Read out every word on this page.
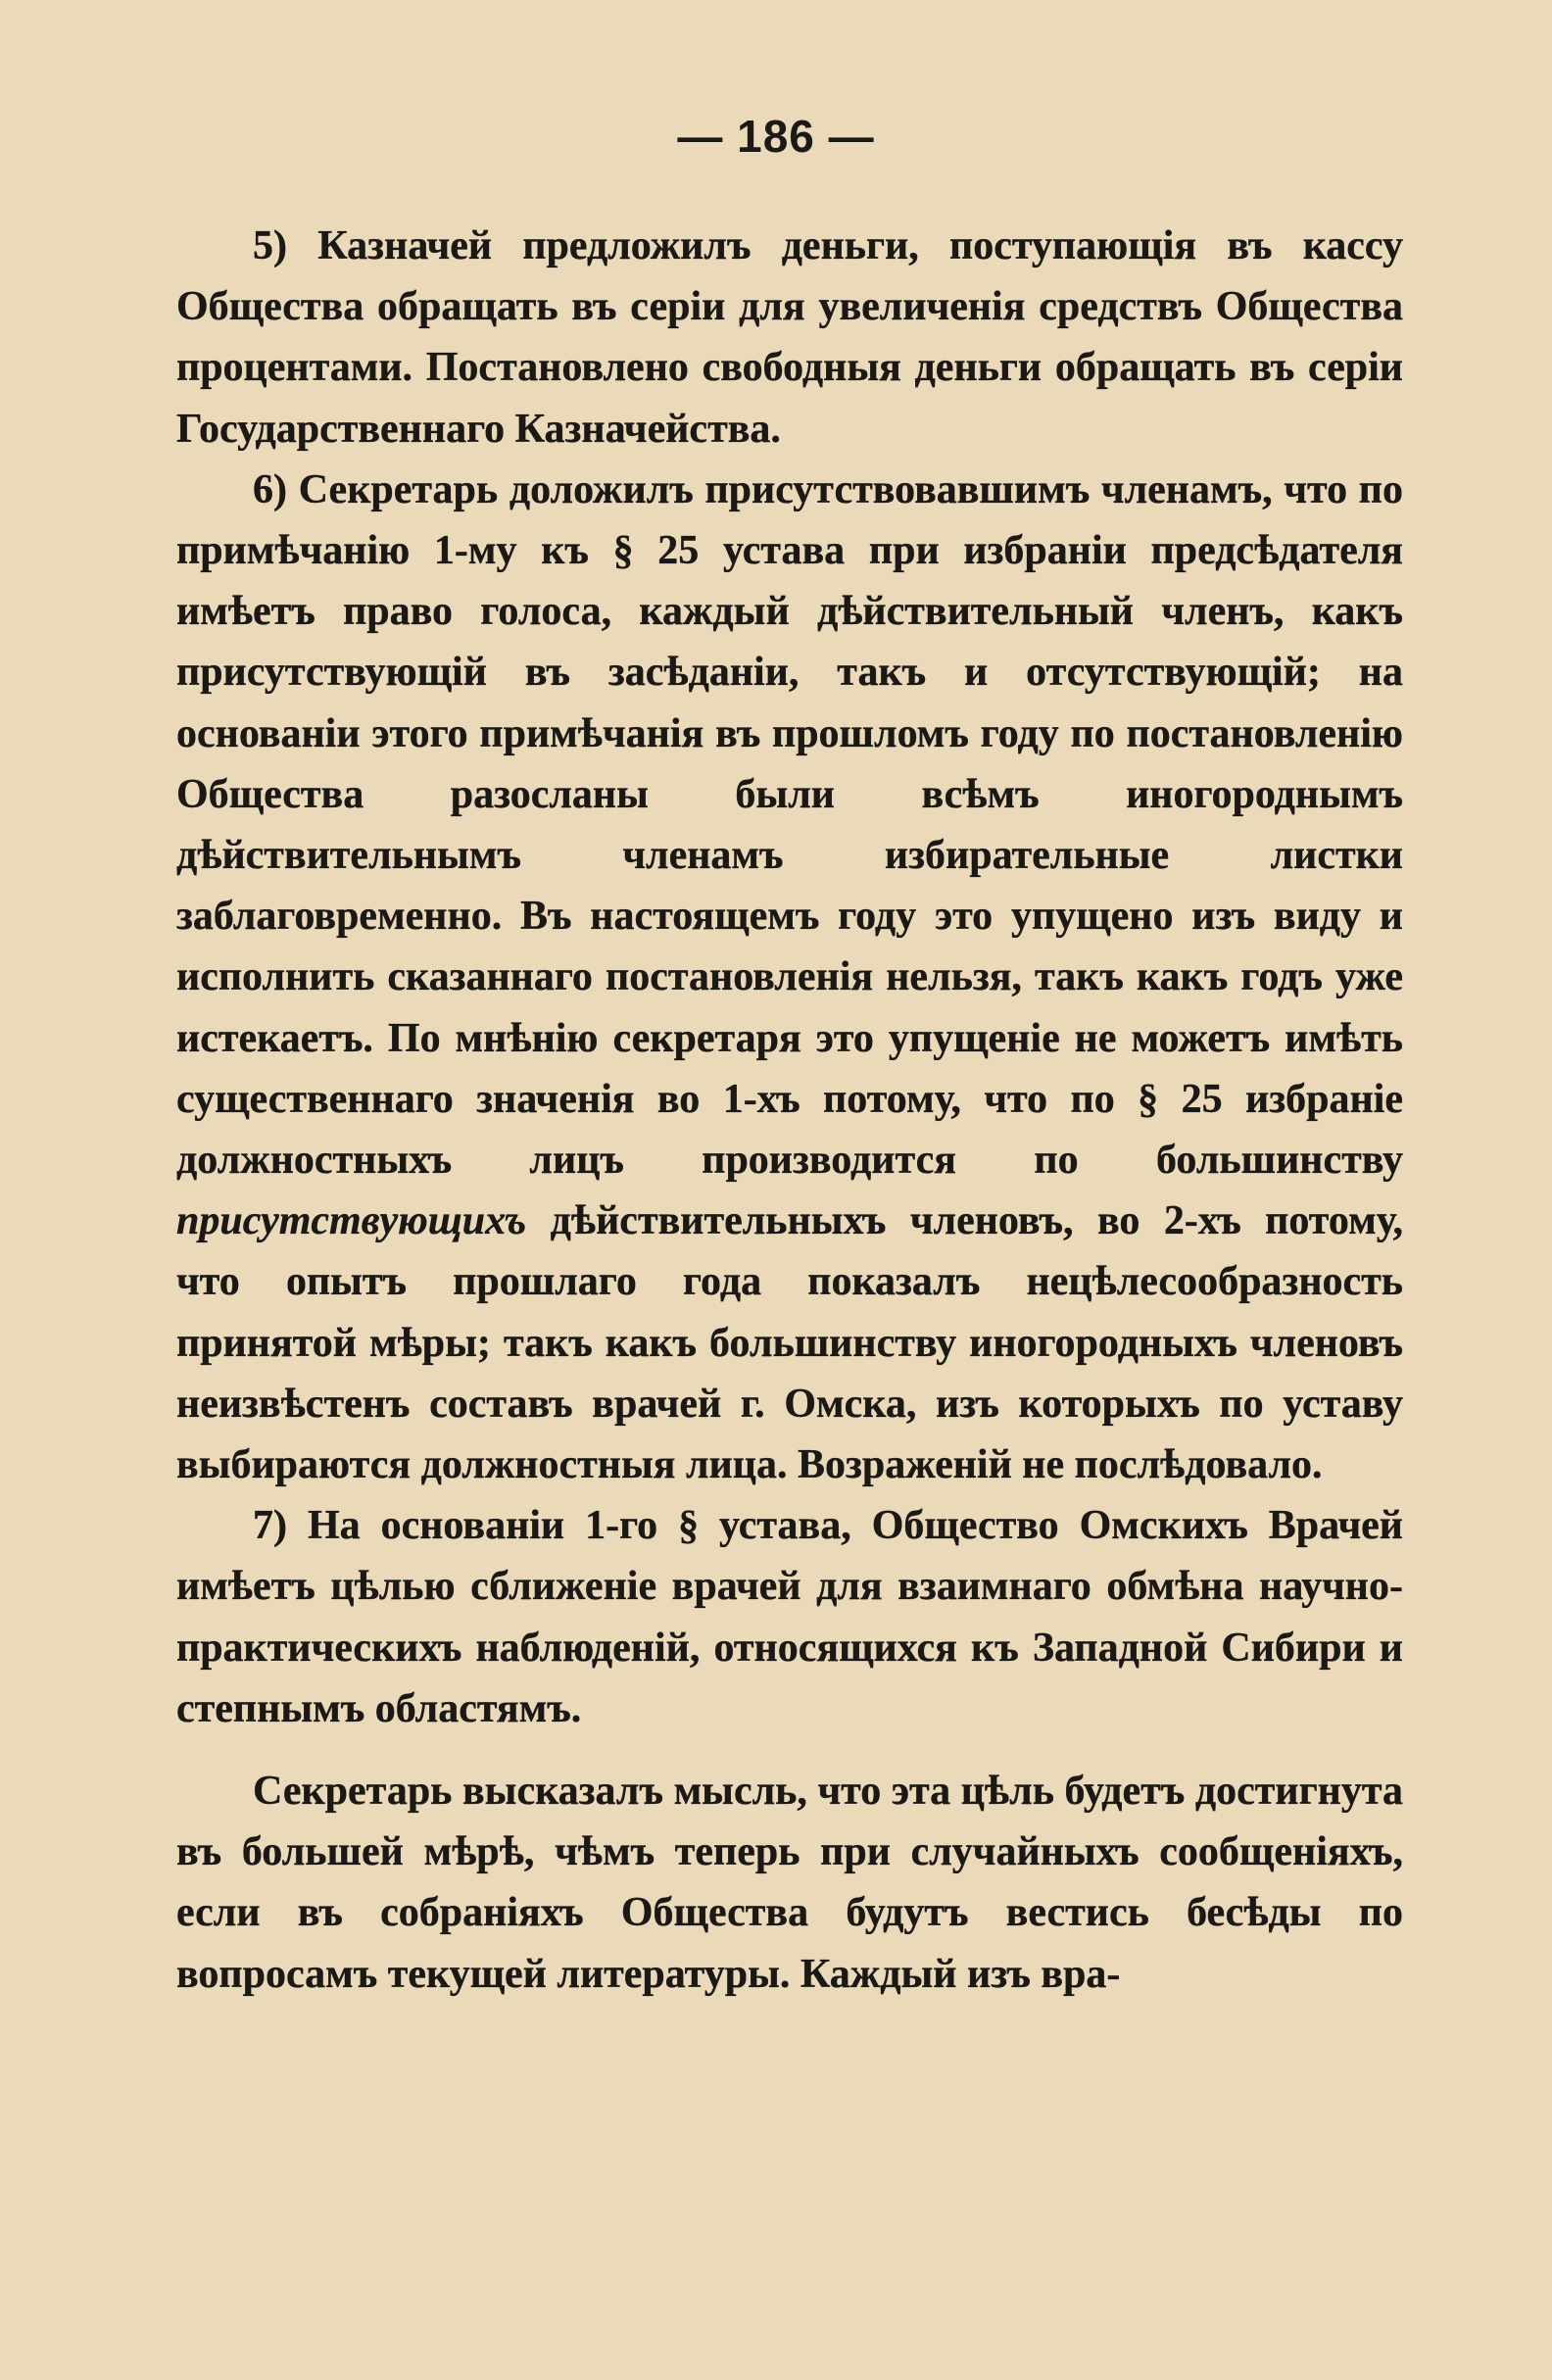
— 186 —

5) Казначей предложилъ деньги, поступающія въ кассу Общества обращать въ серіи для увеличенія средствъ Общества процентами. Постановлено свободныя деньги обращать въ серіи Государственнаго Казначейства.

6) Секретарь доложилъ присутствовавшимъ членамъ, что по примѣчанію 1-му къ § 25 устава при избраніи предсѣдателя имѣетъ право голоса, каждый дѣйствительный членъ, какъ присутствующій въ засѣданіи, такъ и отсутствующій; на основаніи этого примѣчанія въ прошломъ году по постановленію Общества разосланы были всѣмъ иногороднымъ дѣйствительнымъ членамъ избирательные листки заблаговременно. Въ настоящемъ году это упущено изъ виду и исполнить сказаннаго постановленія нельзя, такъ какъ годъ уже истекаетъ. По мнѣнію секретаря это упущеніе не можетъ имѣть существеннаго значенія во 1-хъ потому, что по § 25 избраніе должностныхъ лицъ производится по большинству присутствующихъ дѣйствительныхъ членовъ, во 2-хъ потому, что опытъ прошлаго года показалъ нецѣлесообразность принятой мѣры; такъ какъ большинству иногородныхъ членовъ неизвѣстенъ составъ врачей г. Омска, изъ которыхъ по уставу выбираются должностныя лица. Возраженій не послѣдовало.

7) На основаніи 1-го § устава, Общество Омскихъ Врачей имѣетъ цѣлью сближеніе врачей для взаимнаго обмѣна научно-практическихъ наблюденій, относящихся къ Западной Сибири и степнымъ областямъ.

Секретарь высказалъ мысль, что эта цѣль будетъ достигнута въ большей мѣрѣ, чѣмъ теперь при случайныхъ сообщеніяхъ, если въ собраніяхъ Общества будутъ вестись бесѣды по вопросамъ текущей литературы. Каждый изъ вра-
